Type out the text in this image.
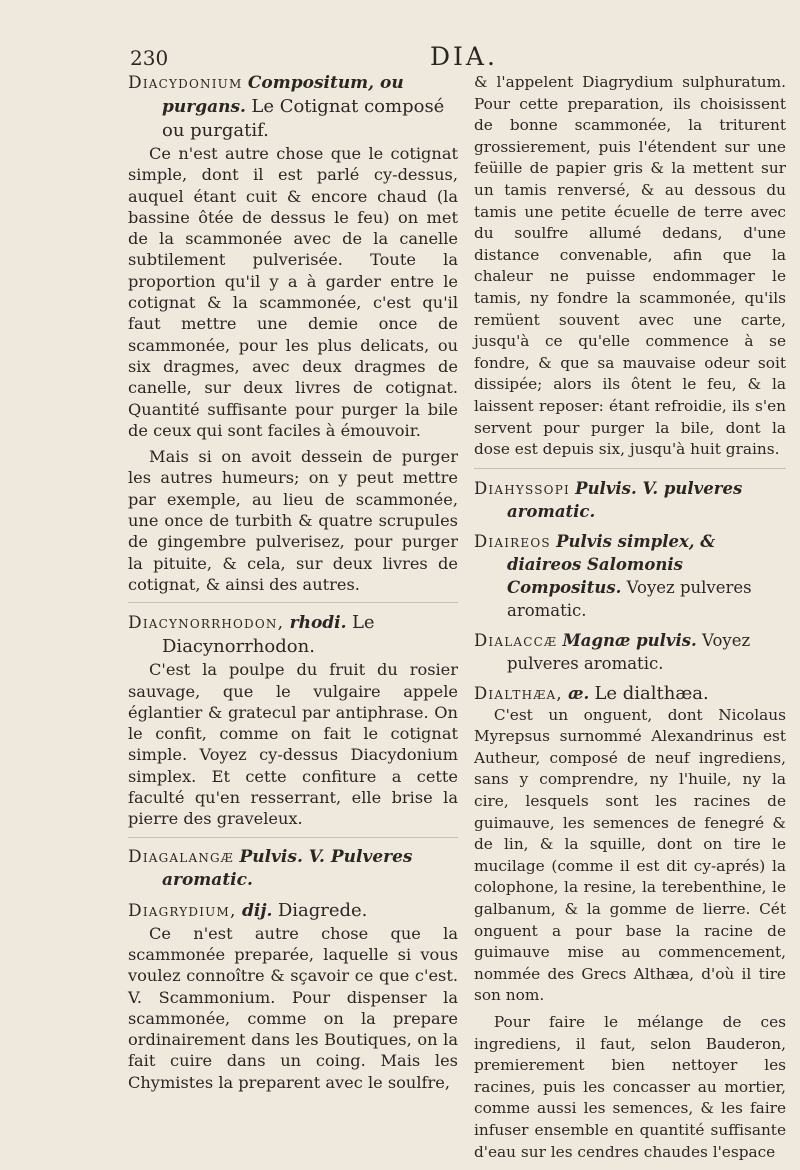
230	DIA.
Diacydonium Compositum, ou purgans. Le Cotignat composé ou purgatif.

Ce n'est autre chose que le cotignat simple, dont il est parlé cy-dessus, auquel étant cuit & encore chaud (la bassine ôtée de dessus le feu) on met de la scammonée avec de la canelle subtilement pulverisée. Toute la proportion qu'il y a à garder entre le cotignat & la scammonée, c'est qu'il faut mettre une demie once de scammonée, pour les plus delicats, ou six dragmes, avec deux dragmes de canelle, sur deux livres de cotignat. Quantité suffisante pour purger la bile de ceux qui sont faciles à émouvoir.

Mais si on avoit dessein de purger les autres humeurs; on y peut mettre par exemple, au lieu de scammonée, une once de turbith & quatre scrupules de gingembre pulverisez, pour purger la pituite, & cela, sur deux livres de cotignat, & ainsi des autres.

Diacynorrhodon, rhodi. Le Diacynorrhodon.

C'est la poulpe du fruit du rosier sauvage, que le vulgaire appele églantier & gratecul par antiphrase. On le confit, comme on fait le cotignat simple. Voyez cy-dessus Diacydonium simplex. Et cette confiture a cette faculté qu'en resserrant, elle brise la pierre des graveleux.

Diagalangæ Pulvis. V. Pulveres aromatic.
Diagrydium, dij. Diagrede.

Ce n'est autre chose que la scammonée preparée, laquelle si vous voulez connoître & sçavoir ce que c'est. V. Scammonium. Pour dispenser la scammonée, comme on la prepare ordinairement dans les Boutiques, on la fait cuire dans un coing. Mais les Chymistes la preparent avec le soulfre,

& l'appelent Diagrydium sulphuratum. Pour cette preparation, ils choisissent de bonne scammonée, la triturent grossierement, puis l'étendent sur une feüille de papier gris & la mettent sur un tamis renversé, & au dessous du tamis une petite écuelle de terre avec du soulfre allumé dedans, d'une distance convenable, afin que la chaleur ne puisse endommager le tamis, ny fondre la scammonée, qu'ils remüent souvent avec une carte, jusqu'à ce qu'elle commence à se fondre, & que sa mauvaise odeur soit dissipée; alors ils ôtent le feu, & la laissent reposer: étant refroidie, ils s'en servent pour purger la bile, dont la dose est depuis six, jusqu'à huit grains.

Diahyssopi Pulvis. V. pulveres aromatic.
Diaireos Pulvis simplex, & diaireos Salomonis Compositus. Voyez pulveres aromatic.
Dialaccæ Magnæ pulvis. Voyez pulveres aromatic.
Dialthæa, æ. Le dialthæa.

C'est un onguent, dont Nicolaus Myrepsus surnommé Alexandrinus est Autheur, composé de neuf ingrediens, sans y comprendre, ny l'huile, ny la cire, lesquels sont les racines de guimauve, les semences de fenegré & de lin, & la squille, dont on tire le mucilage (comme il est dit cy-aprés) la colophone, la resine, la terebenthine, le galbanum, & la gomme de lierre. Cét onguent a pour base la racine de guimauve mise au commencement, nommée des Grecs Althæa, d'où il tire son nom.

Pour faire le mélange de ces ingrediens, il faut, selon Bauderon, premierement bien nettoyer les racines, puis les concasser au mortier, comme aussi les semences, & les faire infuser ensemble en quantité suffisante d'eau sur les cendres chaudes l'espace
